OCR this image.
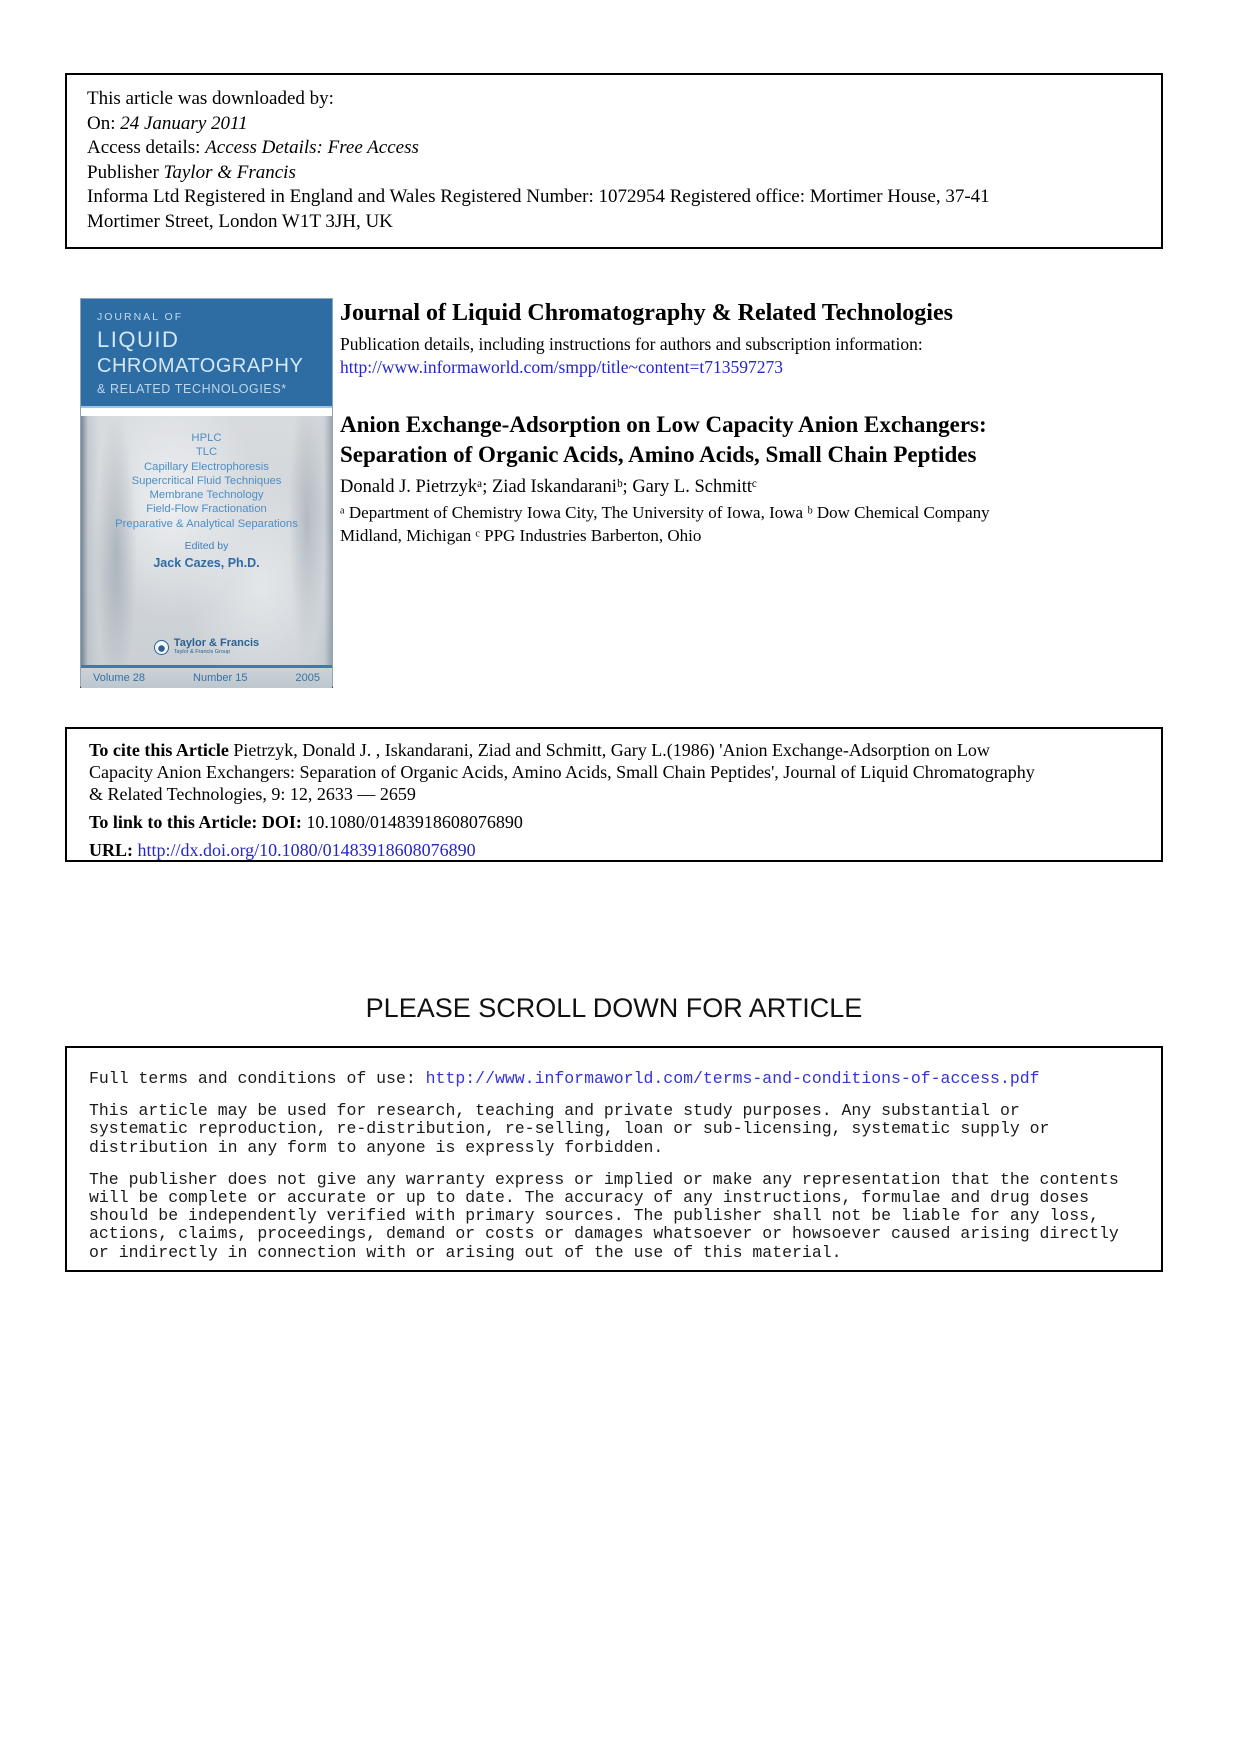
This article was downloaded by:

On: 24 January 2011

Access details: Access Details: Free Access

Publisher Taylor & Francis

Informa Ltd Registered in England and Wales Registered Number: 1072954 Registered office: Mortimer House, 37-41 Mortimer Street, London W1T 3JH, UK

JOURNAL OF
LIQUID
CHROMATOGRAPHY
& RELATED TECHNOLOGIES*
HPLC
TLC
Capillary Electrophoresis
Supercritical Fluid Techniques
Membrane Technology
Field-Flow Fractionation
Preparative & Analytical Separations
Edited by
Jack Cazes, Ph.D.
Taylor & Francis
Taylor & Francis Group
Volume 28	Number 15	2005
Journal of Liquid Chromatography & Related Technologies
Publication details, including instructions for authors and subscription information:
http://www.informaworld.com/smpp/title~content=t713597273
Anion Exchange-Adsorption on Low Capacity Anion Exchangers:
Separation of Organic Acids, Amino Acids, Small Chain Peptides
Donald J. Pietrzykᵃ; Ziad Iskandaraniᵇ; Gary L. Schmittᶜ
ᵃ Department of Chemistry Iowa City, The University of Iowa, Iowa ᵇ Dow Chemical Company Midland, Michigan ᶜ PPG Industries Barberton, Ohio

To cite this Article Pietrzyk, Donald J. , Iskandarani, Ziad and Schmitt, Gary L.(1986) 'Anion Exchange-Adsorption on Low Capacity Anion Exchangers: Separation of Organic Acids, Amino Acids, Small Chain Peptides', Journal of Liquid Chromatography & Related Technologies, 9: 12, 2633 — 2659

To link to this Article: DOI: 10.1080/01483918608076890

URL: http://dx.doi.org/10.1080/01483918608076890

PLEASE SCROLL DOWN FOR ARTICLE

Full terms and conditions of use: http://www.informaworld.com/terms-and-conditions-of-access.pdf

This article may be used for research, teaching and private study purposes. Any substantial or systematic reproduction, re-distribution, re-selling, loan or sub-licensing, systematic supply or distribution in any form to anyone is expressly forbidden.

The publisher does not give any warranty express or implied or make any representation that the contents will be complete or accurate or up to date. The accuracy of any instructions, formulae and drug doses should be independently verified with primary sources. The publisher shall not be liable for any loss, actions, claims, proceedings, demand or costs or damages whatsoever or howsoever caused arising directly or indirectly in connection with or arising out of the use of this material.
